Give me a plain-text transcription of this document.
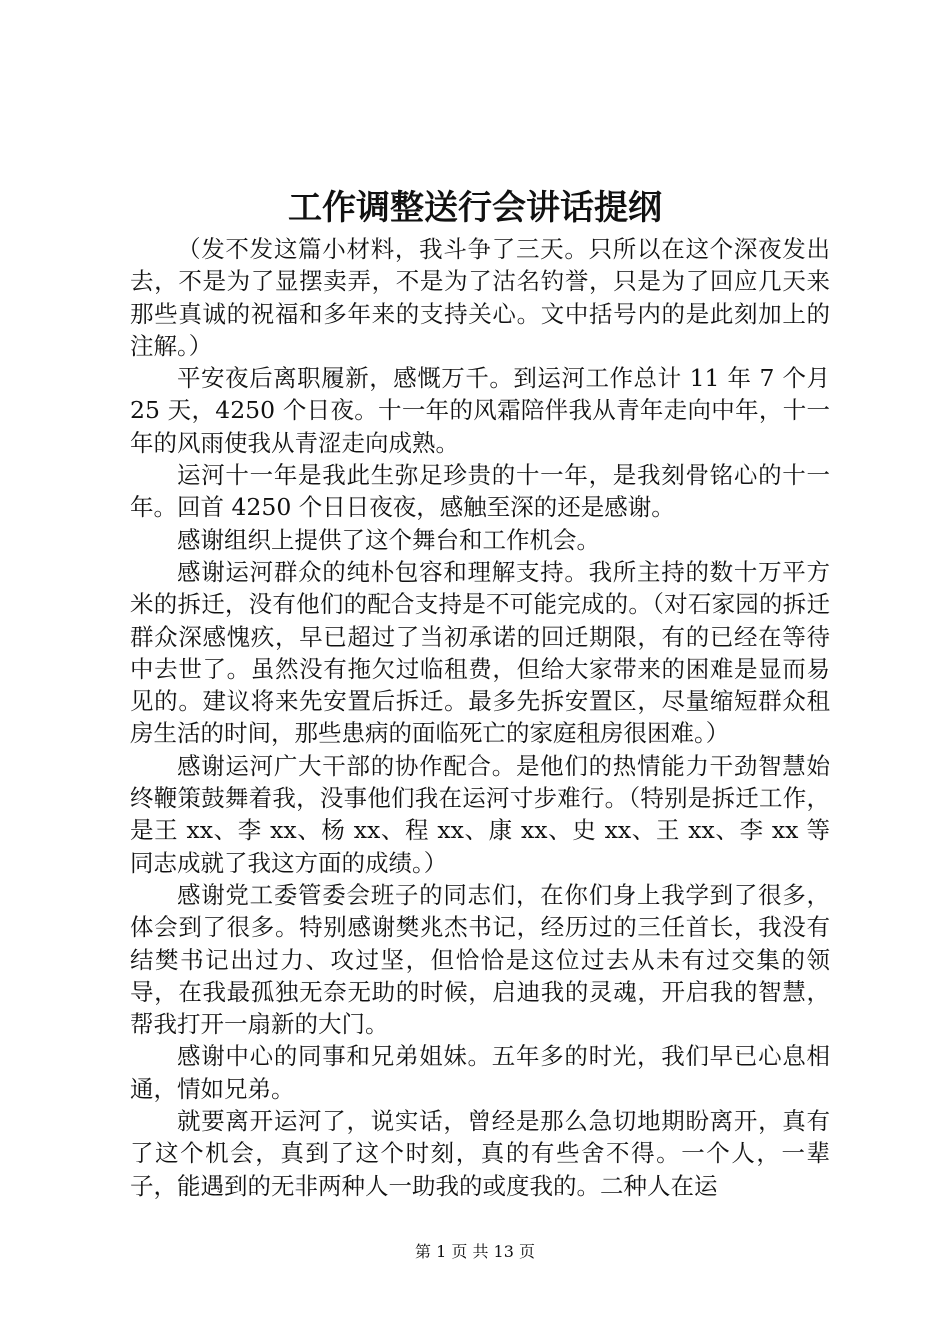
工作调整送行会讲话提纲

（发不发这篇小材料，我斗争了三天。只所以在这个深夜发出去，不是为了显摆卖弄，不是为了沽名钓誉，只是为了回应几天来那些真诚的祝福和多年来的支持关心。文中括号内的是此刻加上的注解。）

平安夜后离职履新，感慨万千。到运河工作总计 11 年 7 个月 25 天，4250 个日夜。十一年的风霜陪伴我从青年走向中年，十一年的风雨使我从青涩走向成熟。

运河十一年是我此生弥足珍贵的十一年，是我刻骨铭心的十一年。回首 4250 个日日夜夜，感触至深的还是感谢。

感谢组织上提供了这个舞台和工作机会。

感谢运河群众的纯朴包容和理解支持。我所主持的数十万平方米的拆迁，没有他们的配合支持是不可能完成的。（对石家园的拆迁群众深感愧疚，早已超过了当初承诺的回迁期限，有的已经在等待中去世了。虽然没有拖欠过临租费，但给大家带来的困难是显而易见的。建议将来先安置后拆迁。最多先拆安置区，尽量缩短群众租房生活的时间，那些患病的面临死亡的家庭租房很困难。）

感谢运河广大干部的协作配合。是他们的热情能力干劲智慧始终鞭策鼓舞着我，没事他们我在运河寸步难行。（特别是拆迁工作，是王 xx、李 xx、杨 xx、程 xx、康 xx、史 xx、王 xx、李 xx 等同志成就了我这方面的成绩。）

感谢党工委管委会班子的同志们，在你们身上我学到了很多，体会到了很多。特别感谢樊兆杰书记，经历过的三任首长，我没有结樊书记出过力、攻过坚，但恰恰是这位过去从未有过交集的领导，在我最孤独无奈无助的时候，启迪我的灵魂，开启我的智慧，帮我打开一扇新的大门。

感谢中心的同事和兄弟姐妹。五年多的时光，我们早已心息相通，情如兄弟。

就要离开运河了，说实话，曾经是那么急切地期盼离开，真有了这个机会，真到了这个时刻，真的有些舍不得。一个人，一辈子，能遇到的无非两种人一助我的或度我的。二种人在运

第 1 页 共 13 页
